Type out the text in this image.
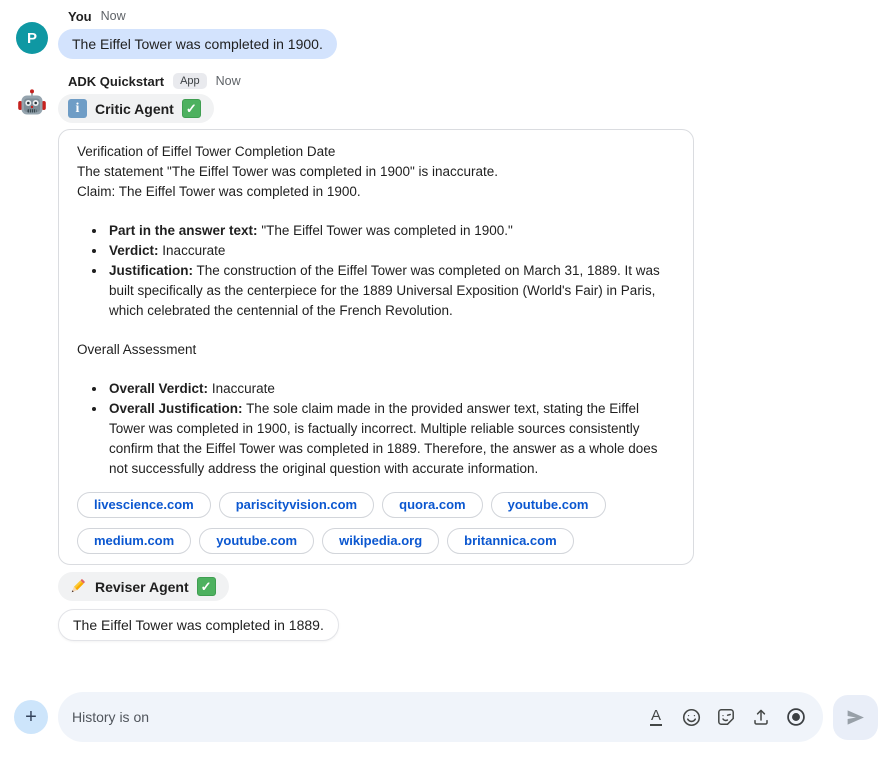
P
You Now
The Eiffel Tower was completed in 1900.
ADK Quickstart	App	Now
i	Critic Agent ✓
Verification of Eiffel Tower Completion Date
The statement "The Eiffel Tower was completed in 1900" is inaccurate.
Claim: The Eiffel Tower was completed in 1900.
• Part in the answer text: "The Eiffel Tower was completed in 1900."
• Verdict: Inaccurate
• Justification: The construction of the Eiffel Tower was completed on March 31, 1889. It was built specifically as the centerpiece for the 1889 Universal Exposition (World's Fair) in Paris, which celebrated the centennial of the French Revolution.
Overall Assessment
• Overall Verdict: Inaccurate
• Overall Justification: The sole claim made in the provided answer text, stating the Eiffel Tower was completed in 1900, is factually incorrect. Multiple reliable sources consistently confirm that the Eiffel Tower was completed in 1889. Therefore, the answer as a whole does not successfully address the original question with accurate information.
livescience.com	pariscityvision.com	quora.com	youtube.com
medium.com	youtube.com	wikipedia.org	britannica.com
Reviser Agent ✓
The Eiffel Tower was completed in 1889.
+	History is on	A
